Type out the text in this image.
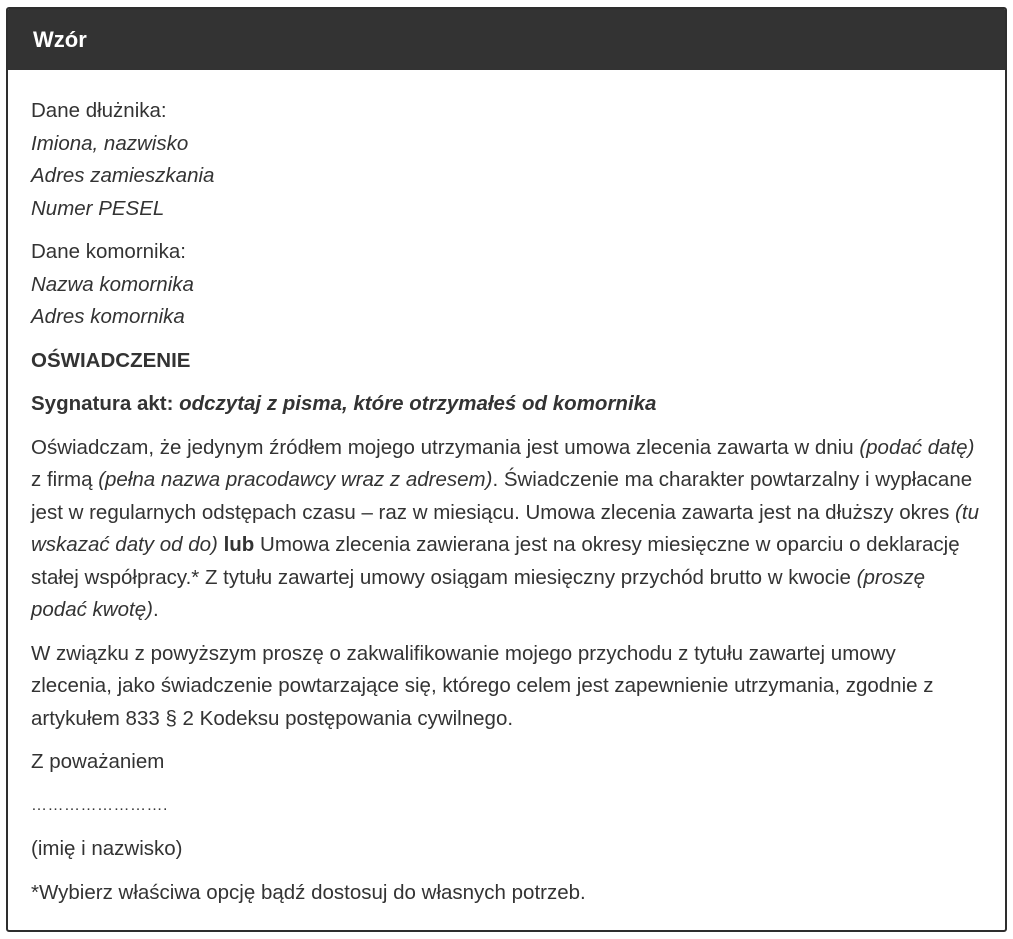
Wzór

Dane dłużnika:
Imiona, nazwisko
Adres zamieszkania
Numer PESEL

Dane komornika:
Nazwa komornika
Adres komornika

OŚWIADCZENIE

Sygnatura akt: odczytaj z pisma, które otrzymałeś od komornika

Oświadczam, że jedynym źródłem mojego utrzymania jest umowa zlecenia zawarta w dniu (podać datę) z firmą (pełna nazwa pracodawcy wraz z adresem). Świadczenie ma charakter powtarzalny i wypłacane jest w regularnych odstępach czasu – raz w miesiącu. Umowa zlecenia zawarta jest na dłuższy okres (tu wskazać daty od do) lub Umowa zlecenia zawierana jest na okresy miesięczne w oparciu o deklarację stałej współpracy.* Z tytułu zawartej umowy osiągam miesięczny przychód brutto w kwocie (proszę podać kwotę).

W związku z powyższym proszę o zakwalifikowanie mojego przychodu z tytułu zawartej umowy zlecenia, jako świadczenie powtarzające się, którego celem jest zapewnienie utrzymania, zgodnie z artykułem 833 § 2 Kodeksu postępowania cywilnego.

Z poważaniem

…………………….

(imię i nazwisko)

*Wybierz właściwa opcję bądź dostosuj do własnych potrzeb.
